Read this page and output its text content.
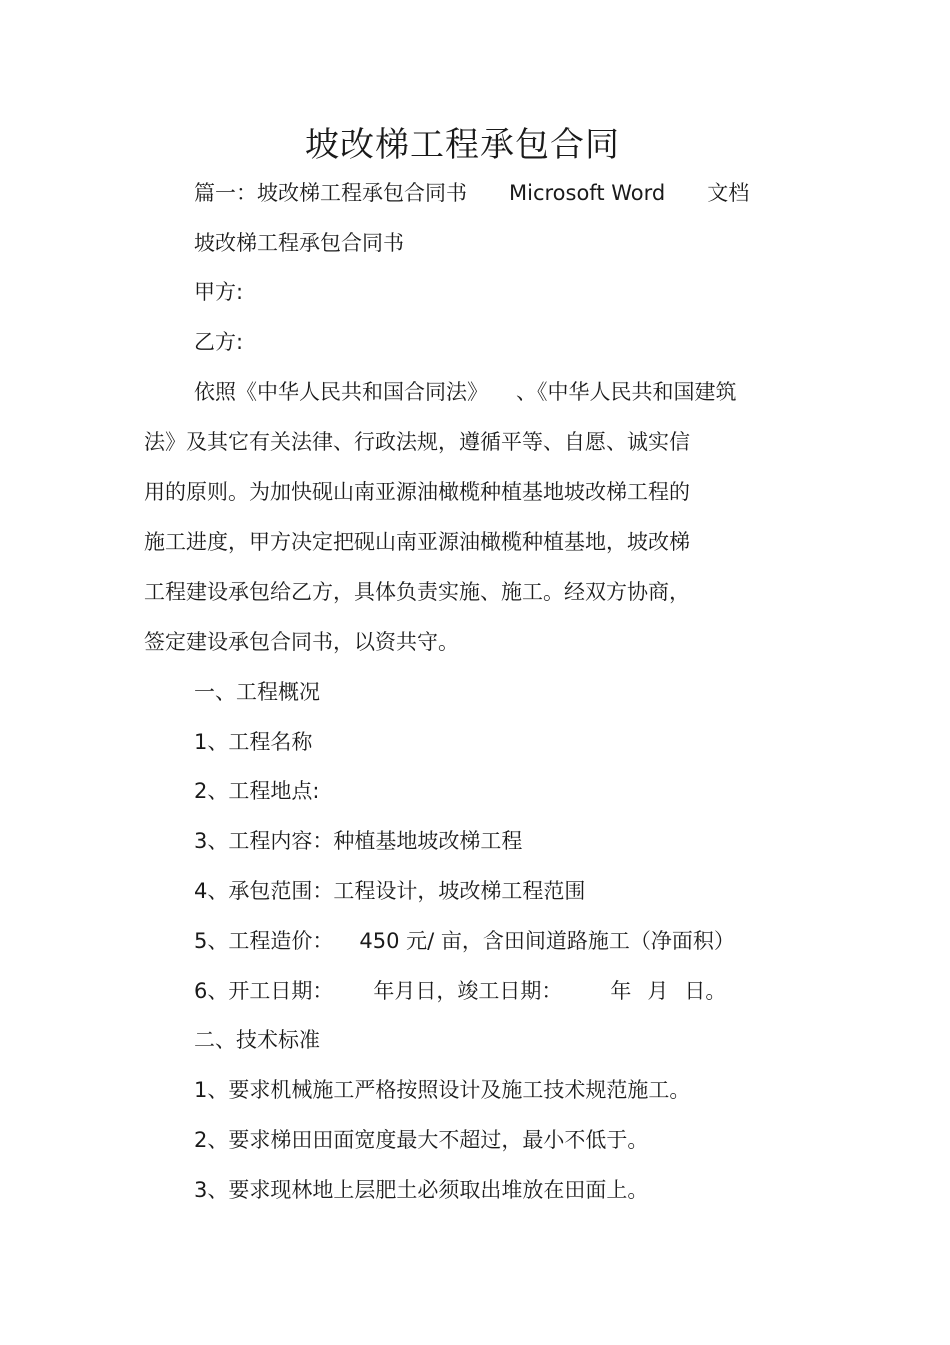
坡改梯工程承包合同
篇一：坡改梯工程承包合同书 Microsoft Word 文档
坡改梯工程承包合同书
甲方:
乙方:
依照《中华人民共和国合同法》 、《中华人民共和国建筑
法》及其它有关法律、行政法规，遵循平等、自愿、诚实信
用的原则。为加快砚山南亚源油橄榄种植基地坡改梯工程的
施工进度，甲方决定把砚山南亚源油橄榄种植基地，坡改梯
工程建设承包给乙方，具体负责实施、施工。经双方协商，
签定建设承包合同书，以资共守。
一、工程概况
1、工程名称
2、工程地点:
3、工程内容：种植基地坡改梯工程
4、承包范围：工程设计，坡改梯工程范围
5、工程造价： 450 元/ 亩，含田间道路施工（净面积）
6、开工日期： 年月日，竣工日期： 年 月 日。
二、技术标准
1、要求机械施工严格按照设计及施工技术规范施工。
2、要求梯田田面宽度最大不超过，最小不低于。
3、要求现林地上层肥土必须取出堆放在田面上。
